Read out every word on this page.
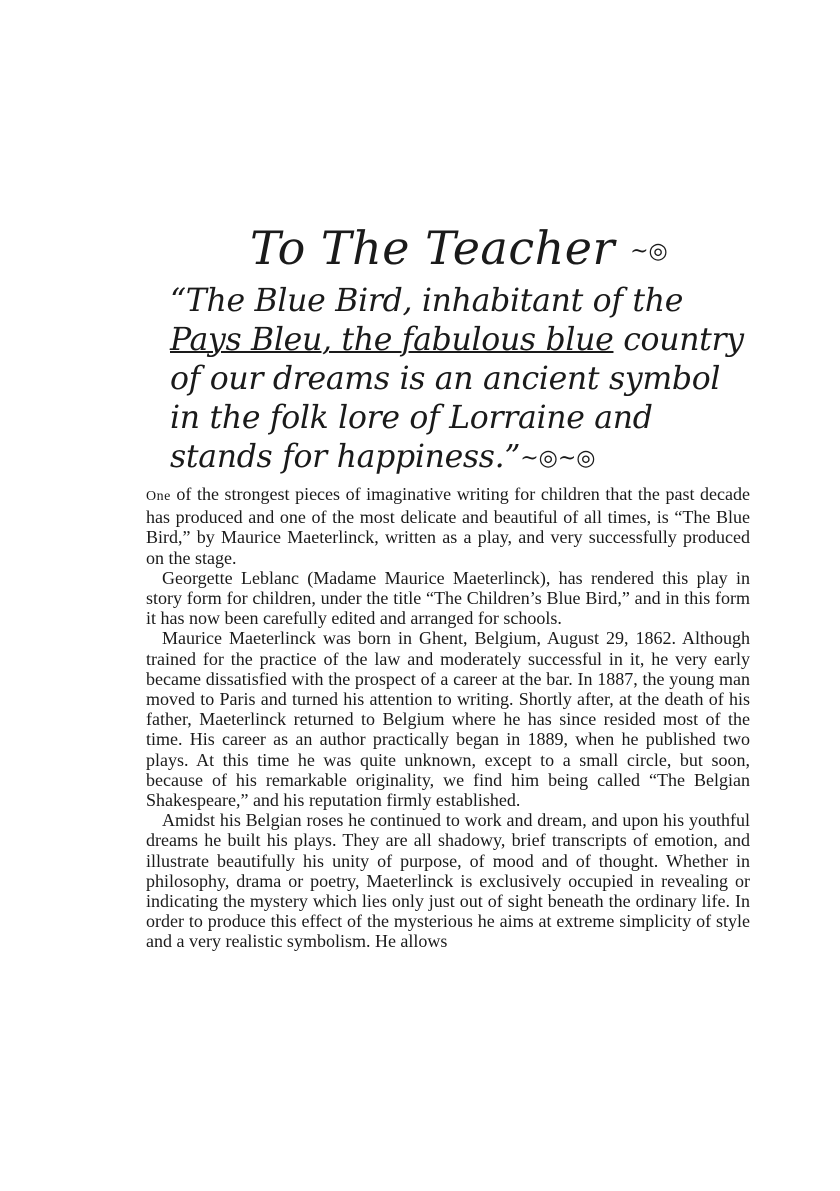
To The Teacher ~◎
“The Blue Bird, inhabitant of the
Pays Bleu, the fabulous blue country
of our dreams is an ancient symbol
in the folk lore of Lorraine and
stands for happiness.”~◎~◎

One of the strongest pieces of imaginative writing for children that the past decade has produced and one of the most delicate and beautiful of all times, is “The Blue Bird,” by Maurice Maeterlinck, written as a play, and very successfully produced on the stage.

Georgette Leblanc (Madame Maurice Maeterlinck), has rendered this play in story form for children, under the title “The Children’s Blue Bird,” and in this form it has now been carefully edited and arranged for schools.

Maurice Maeterlinck was born in Ghent, Belgium, August 29, 1862. Although trained for the practice of the law and moderately successful in it, he very early became dissatisfied with the prospect of a career at the bar. In 1887, the young man moved to Paris and turned his attention to writing. Shortly after, at the death of his father, Maeterlinck returned to Belgium where he has since resided most of the time. His career as an author practically began in 1889, when he published two plays. At this time he was quite unknown, except to a small circle, but soon, because of his remarkable originality, we find him being called “The Belgian Shakespeare,” and his reputation firmly established.

Amidst his Belgian roses he continued to work and dream, and upon his youthful dreams he built his plays. They are all shadowy, brief transcripts of emotion, and illustrate beautifully his unity of purpose, of mood and of thought. Whether in philosophy, drama or poetry, Maeterlinck is exclusively occupied in revealing or indicating the mystery which lies only just out of sight beneath the ordinary life. In order to produce this effect of the mysterious he aims at extreme simplicity of style and a very realistic symbolism. He allows
